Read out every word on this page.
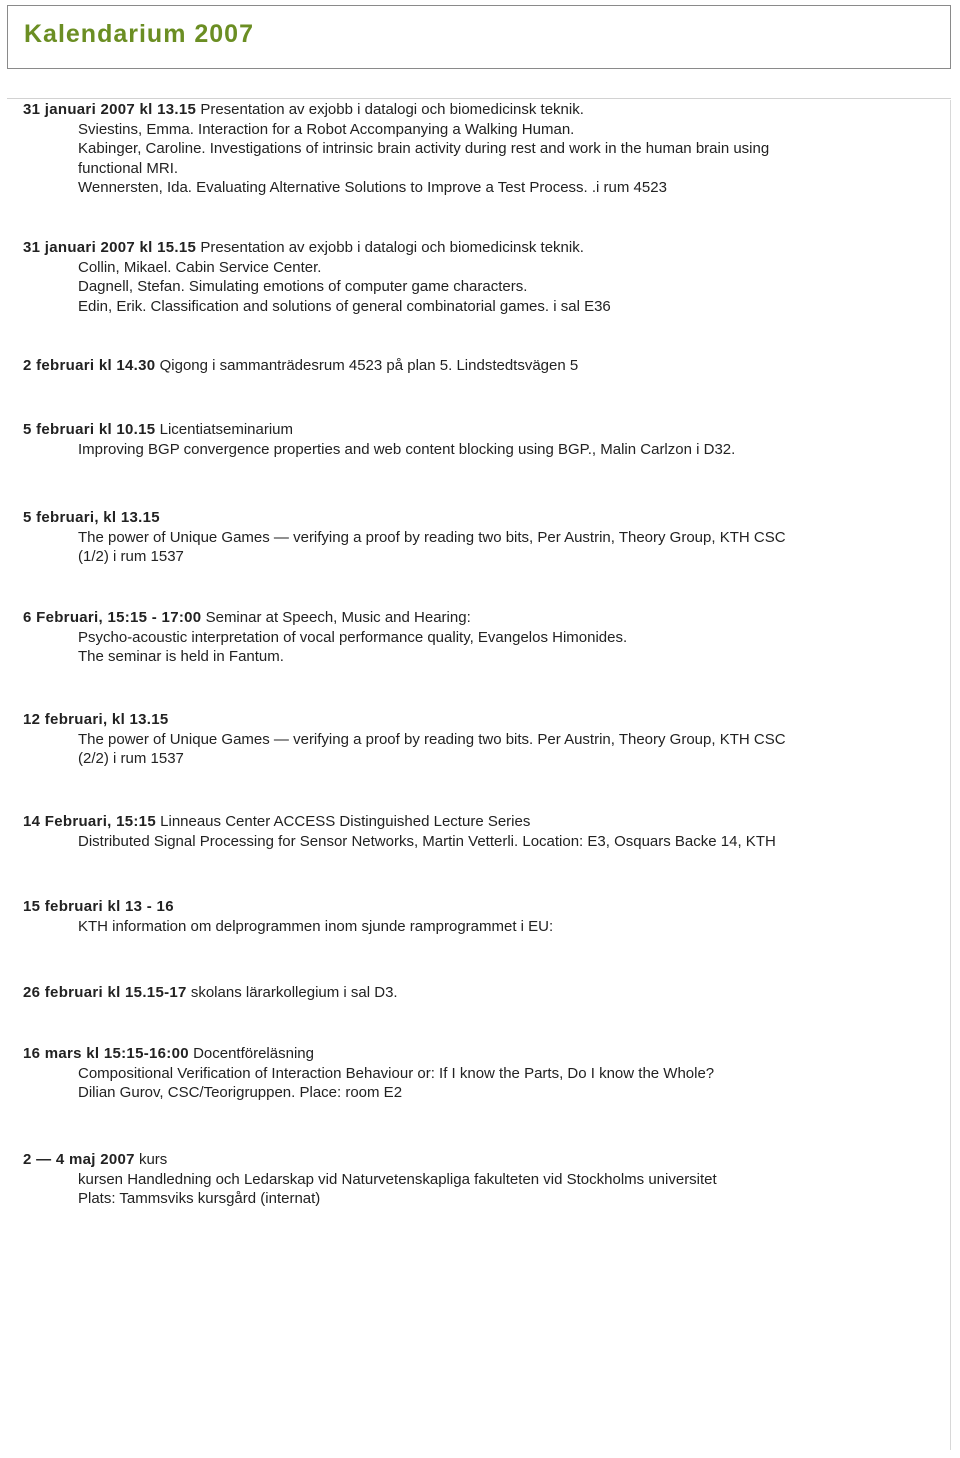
Kalendarium 2007
31 januari 2007 kl 13.15 Presentation av exjobb i datalogi och biomedicinsk teknik.
Sviestins, Emma. Interaction for a Robot Accompanying a Walking Human.
Kabinger, Caroline. Investigations of intrinsic brain activity during rest and work in the human brain using
functional MRI.
Wennersten, Ida. Evaluating Alternative Solutions to Improve a Test Process. .i rum 4523
31 januari 2007 kl 15.15 Presentation av exjobb i datalogi och biomedicinsk teknik.
Collin, Mikael. Cabin Service Center.
Dagnell, Stefan. Simulating emotions of computer game characters.
Edin, Erik. Classification and solutions of general combinatorial games. i sal E36
2 februari kl 14.30 Qigong i sammanträdesrum 4523 på plan 5. Lindstedtsvägen 5
5 februari kl 10.15 Licentiatseminarium
Improving BGP convergence properties and web content blocking using BGP., Malin Carlzon i D32.
5 februari, kl 13.15
The power of Unique Games — verifying a proof by reading two bits, Per Austrin, Theory Group, KTH CSC
(1/2) i rum 1537
6 Februari, 15:15 - 17:00 Seminar at Speech, Music and Hearing:
Psycho-acoustic interpretation of vocal performance quality, Evangelos Himonides.
The seminar is held in Fantum.
12 februari, kl 13.15
The power of Unique Games — verifying a proof by reading two bits. Per Austrin, Theory Group, KTH CSC
(2/2) i rum 1537
14 Februari, 15:15 Linneaus Center ACCESS Distinguished Lecture Series
Distributed Signal Processing for Sensor Networks, Martin Vetterli. Location: E3, Osquars Backe 14, KTH
15 februari kl 13 - 16
KTH information om delprogrammen inom sjunde ramprogrammet i EU:
26 februari kl 15.15-17 skolans lärarkollegium i sal D3.
16 mars kl 15:15-16:00 Docentföreläsning
Compositional Verification of Interaction Behaviour or: If I know the Parts, Do I know the Whole?
Dilian Gurov, CSC/Teorigruppen. Place: room E2
2 — 4 maj 2007 kurs
kursen Handledning och Ledarskap vid Naturvetenskapliga fakulteten vid Stockholms universitet
Plats: Tammsviks kursgård (internat)
